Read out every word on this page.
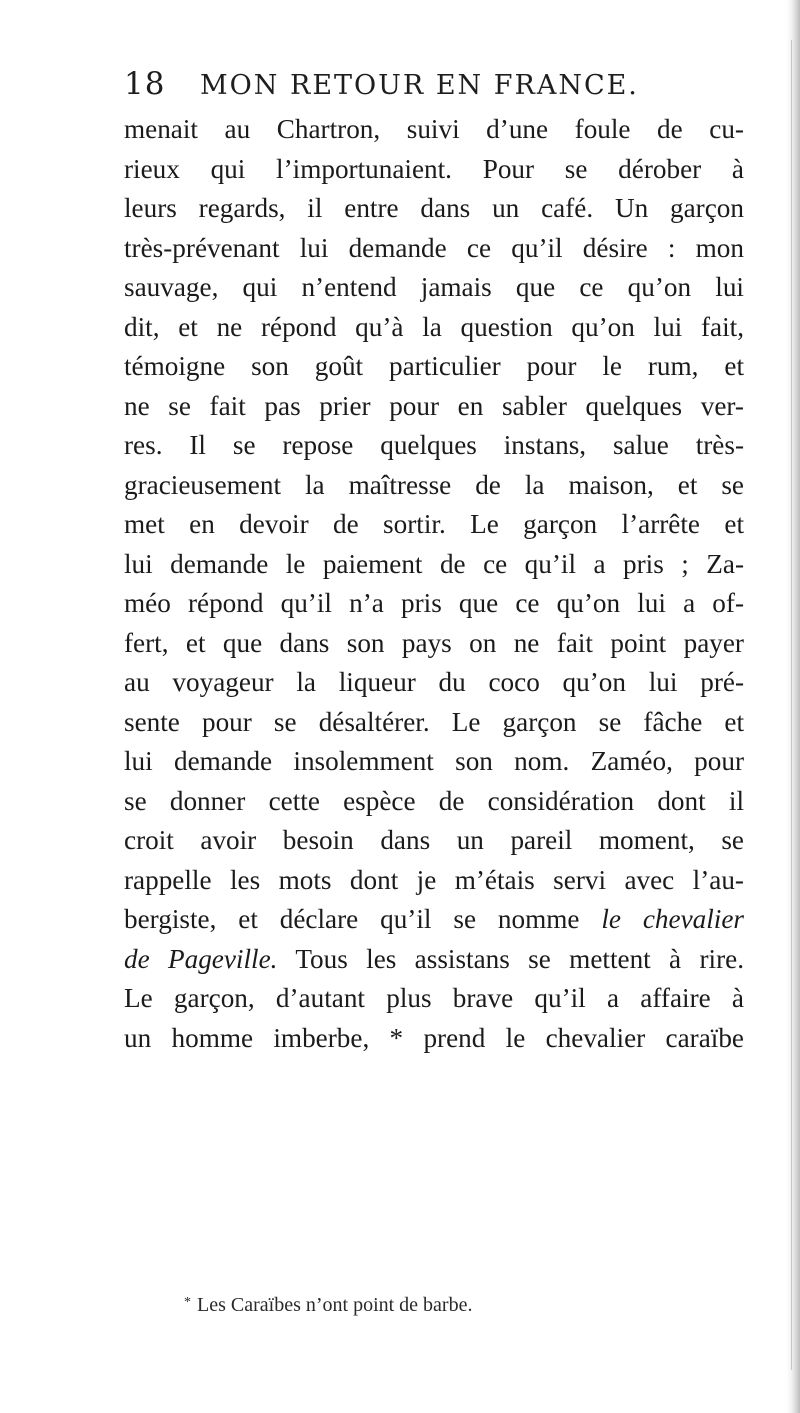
18 MON RETOUR EN FRANCE.
menait au Chartron, suivi d’une foule de cu-
rieux qui l’importunaient. Pour se dérober à
leurs regards, il entre dans un café. Un garçon
très-prévenant lui demande ce qu’il désire : mon
sauvage, qui n’entend jamais que ce qu’on lui
dit, et ne répond qu’à la question qu’on lui fait,
témoigne son goût particulier pour le rum, et
ne se fait pas prier pour en sabler quelques ver-
res. Il se repose quelques instans, salue très-
gracieusement la maîtresse de la maison, et se
met en devoir de sortir. Le garçon l’arrête et
lui demande le paiement de ce qu’il a pris ; Za-
méo répond qu’il n’a pris que ce qu’on lui a of-
fert, et que dans son pays on ne fait point payer
au voyageur la liqueur du coco qu’on lui pré-
sente pour se désaltérer. Le garçon se fâche et
lui demande insolemment son nom. Zaméo, pour
se donner cette espèce de considération dont il
croit avoir besoin dans un pareil moment, se
rappelle les mots dont je m’étais servi avec l’au-
bergiste, et déclare qu’il se nomme le chevalier
de Pageville. Tous les assistans se mettent à rire.
Le garçon, d’autant plus brave qu’il a affaire à
un homme imberbe, * prend le chevalier caraïbe
* Les Caraïbes n’ont point de barbe.
